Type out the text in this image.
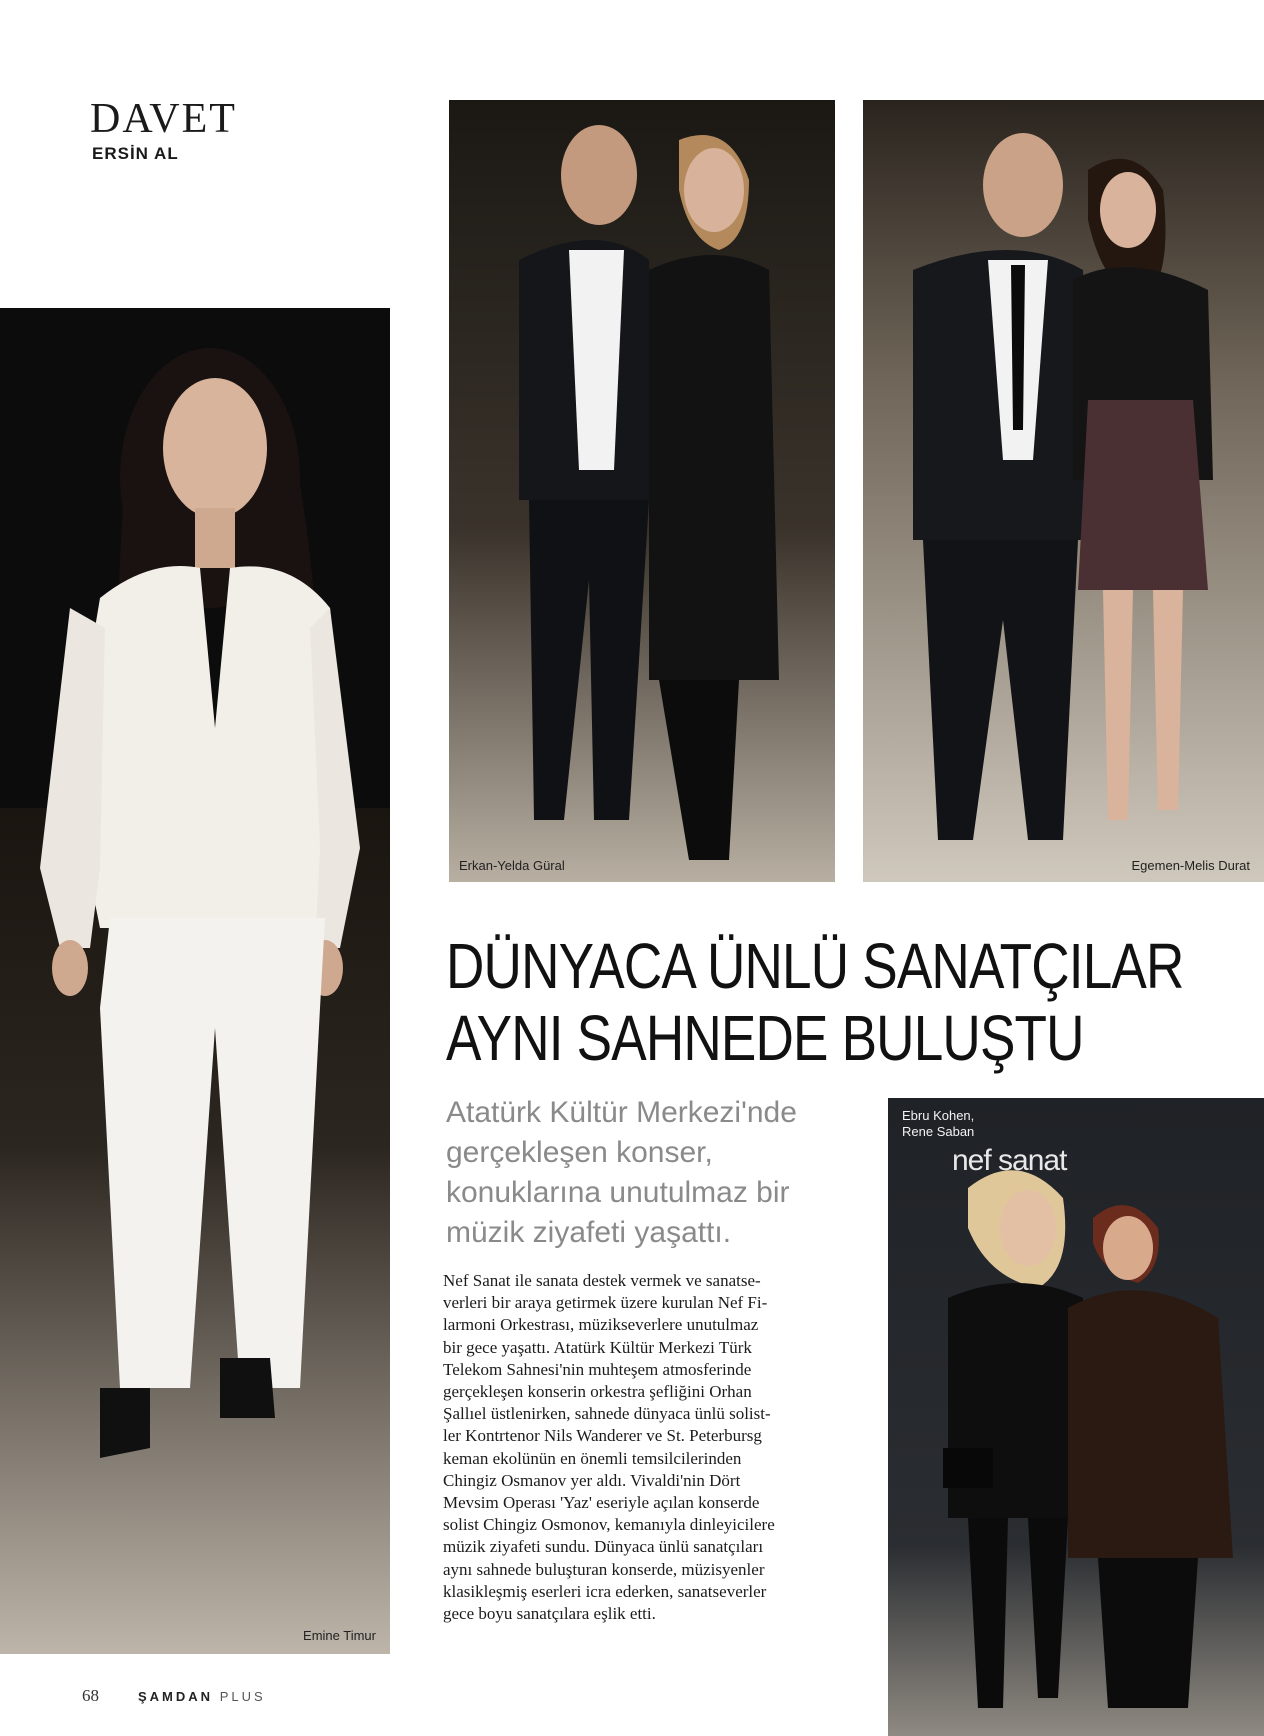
DAVET
ERSİN AL
Emine Timur
Erkan-Yelda Güral	Egemen-Melis Durat
DÜNYACA ÜNLÜ SANATÇILAR
AYNI SAHNEDE BULUŞTU
Atatürk Kültür Merkezi'nde
gerçekleşen konser,
konuklarına unutulmaz bir
müzik ziyafeti yaşattı.
Nef Sanat ile sanata destek vermek ve sanatse-
verleri bir araya getirmek üzere kurulan Nef Fi-
larmoni Orkestrası, müzikseverlere unutulmaz
bir gece yaşattı. Atatürk Kültür Merkezi Türk
Telekom Sahnesi'nin muhteşem atmosferinde
gerçekleşen konserin orkestra şefliğini Orhan
Şallıel üstlenirken, sahnede dünyaca ünlü solist-
ler Kontrtenor Nils Wanderer ve St. Peterbursg
keman ekolünün en önemli temsilcilerinden
Chingiz Osmanov yer aldı. Vivaldi'nin Dört
Mevsim Operası 'Yaz' eseriyle açılan konserde
solist Chingiz Osmonov, kemanıyla dinleyicilere
müzik ziyafeti sundu. Dünyaca ünlü sanatçıları
aynı sahnede buluşturan konserde, müzisyenler
klasikleşmiş eserleri icra ederken, sanatseverler
gece boyu sanatçılara eşlik etti.
Ebru Kohen,
Rene Saban
nef sanat
68	ŞAMDAN PLUS
